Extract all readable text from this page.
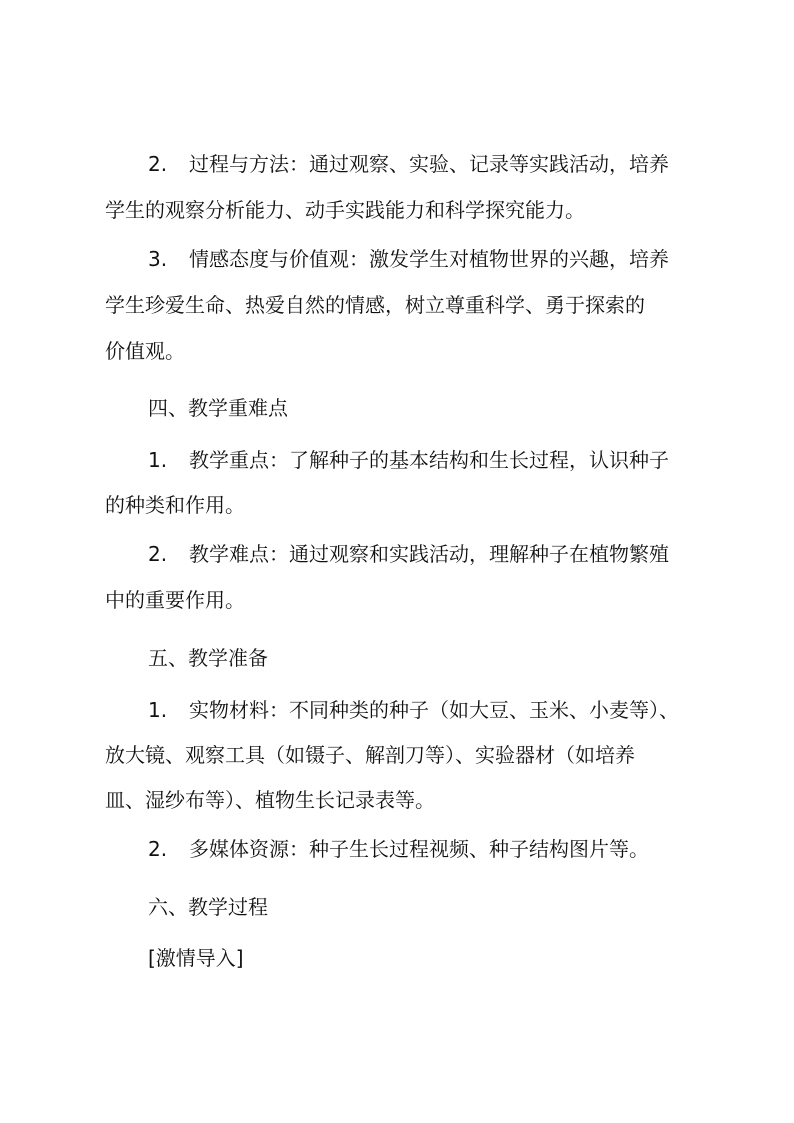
2. 过程与方法：通过观察、实验、记录等实践活动，培养

学生的观察分析能力、动手实践能力和科学探究能力。

3. 情感态度与价值观：激发学生对植物世界的兴趣，培养

学生珍爱生命、热爱自然的情感，树立尊重科学、勇于探索的

价值观。

四、教学重难点

1. 教学重点：了解种子的基本结构和生长过程，认识种子

的种类和作用。

2. 教学难点：通过观察和实践活动，理解种子在植物繁殖

中的重要作用。

五、教学准备

1. 实物材料：不同种类的种子（如大豆、玉米、小麦等）、

放大镜、观察工具（如镊子、解剖刀等）、实验器材（如培养

皿、湿纱布等）、植物生长记录表等。

2. 多媒体资源：种子生长过程视频、种子结构图片等。

六、教学过程

[激情导入]
